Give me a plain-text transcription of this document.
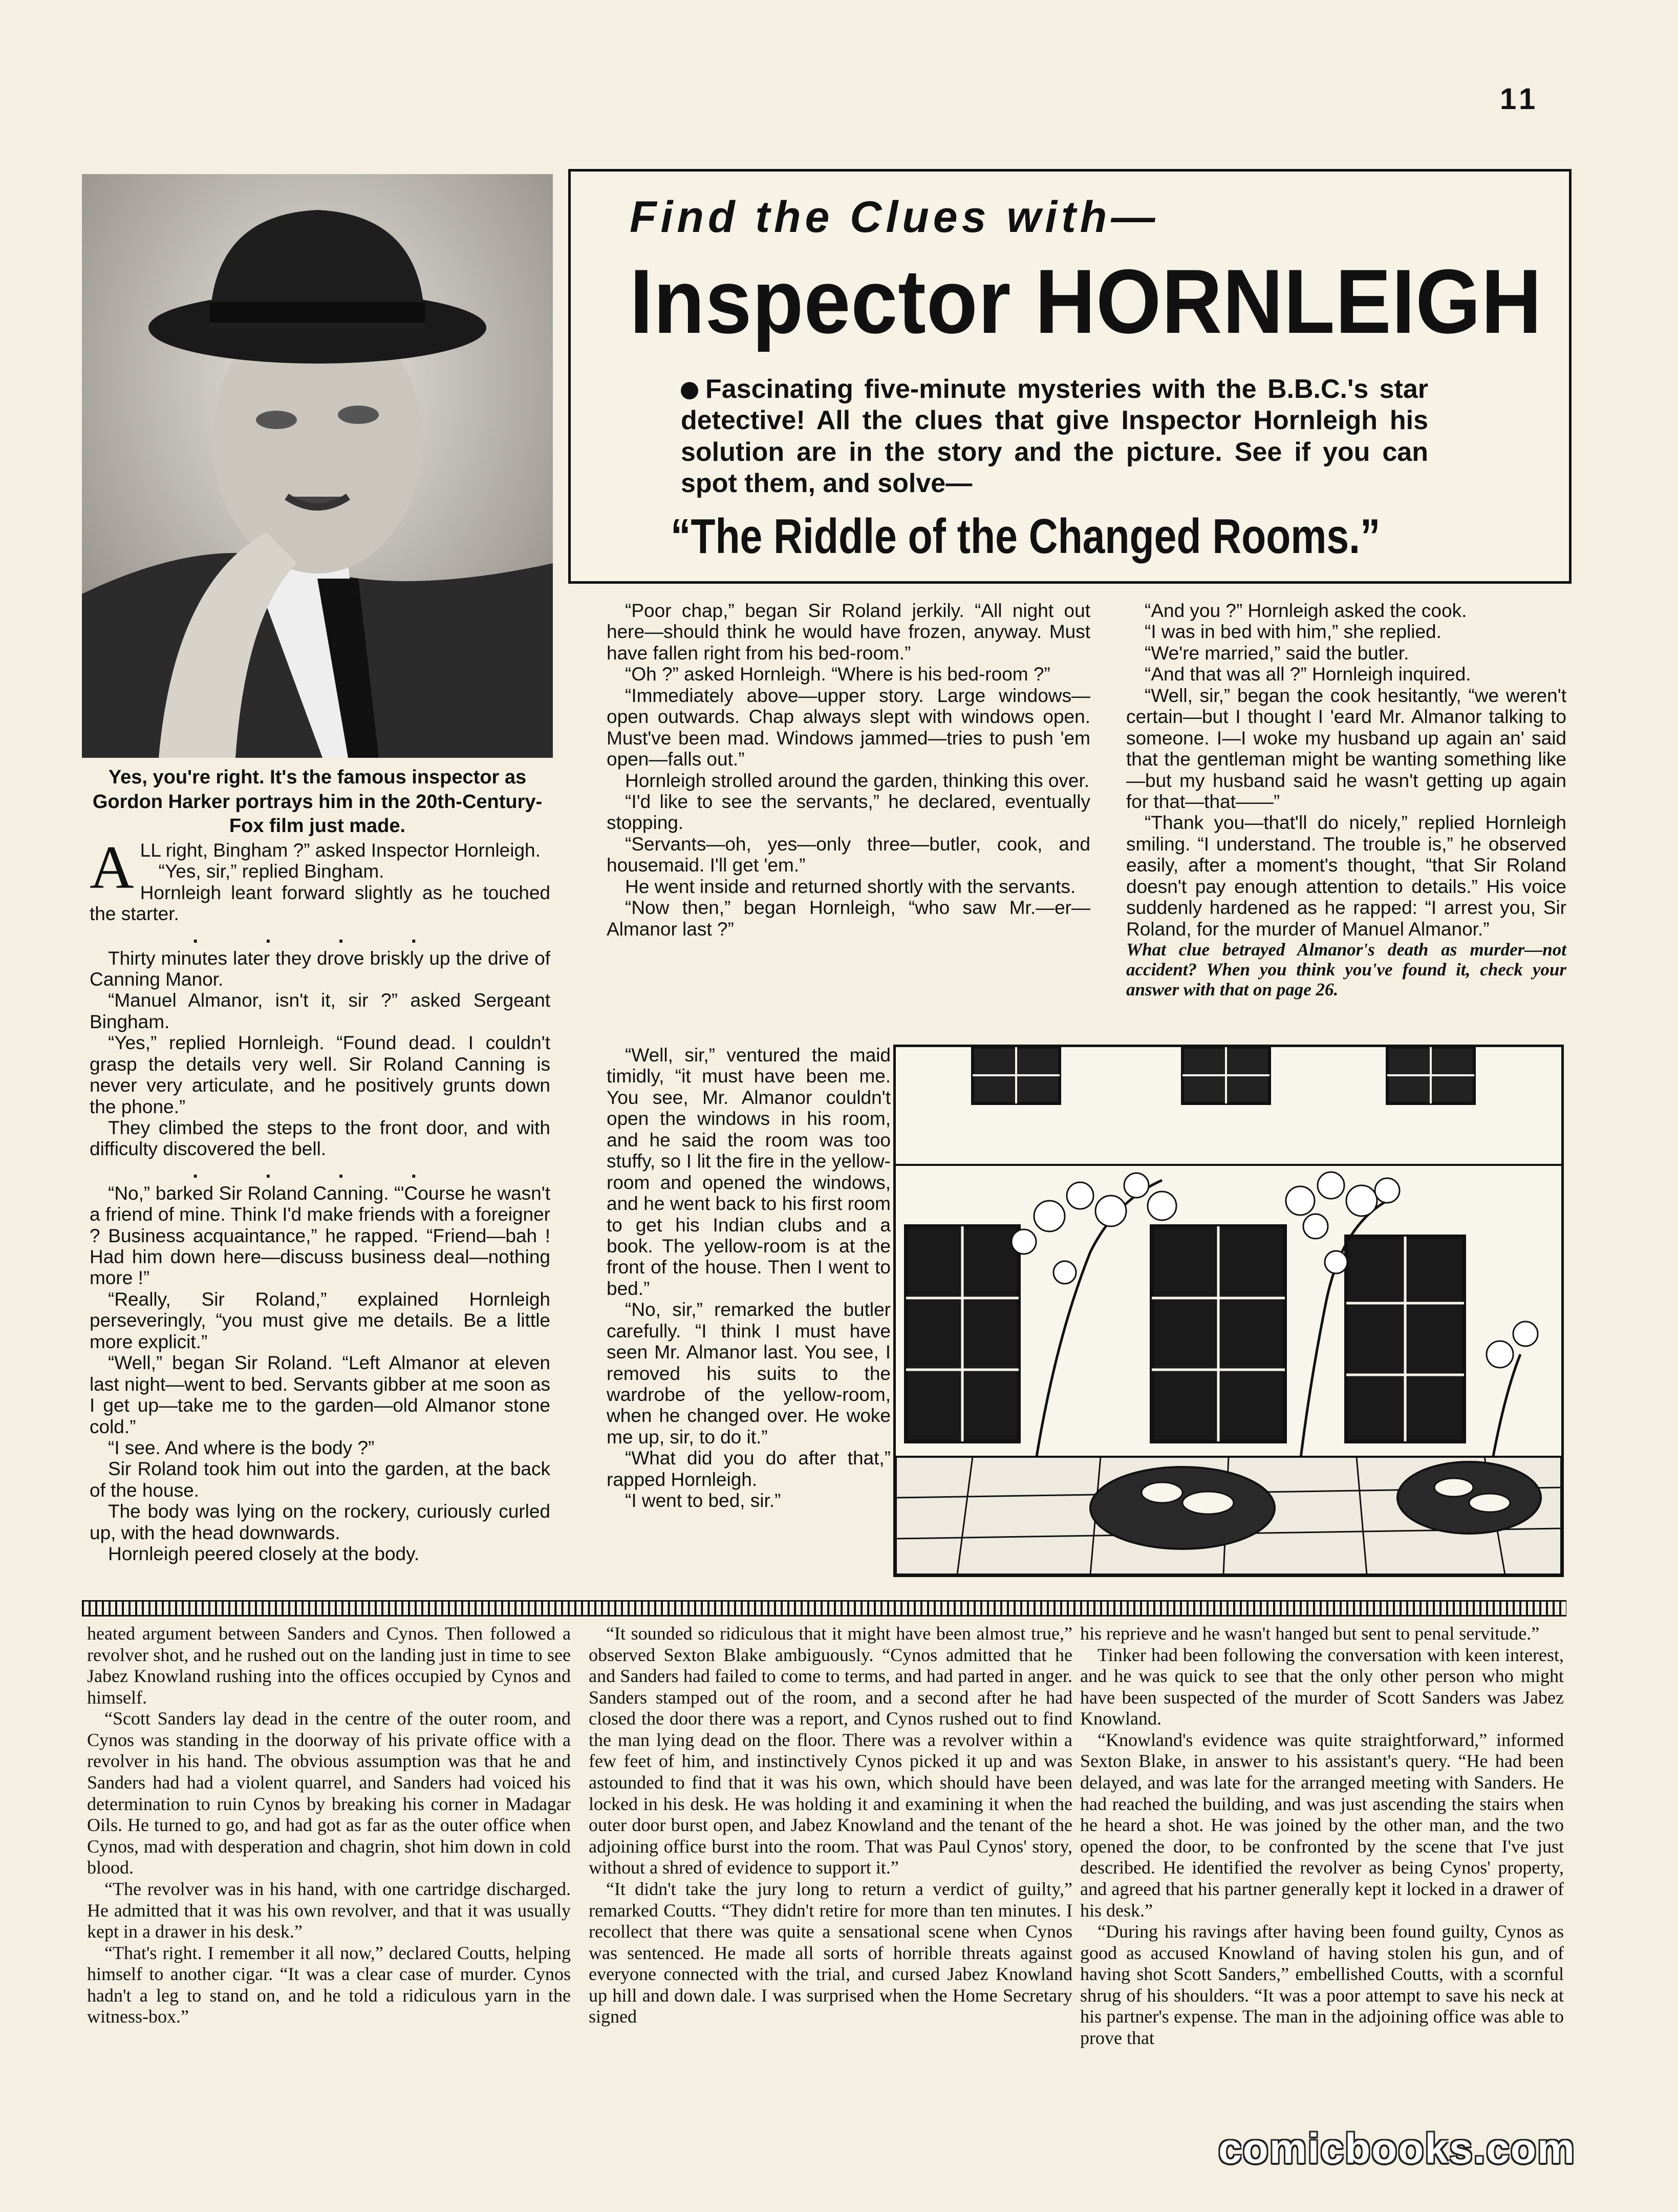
11
Yes, you're right. It's the famous inspector as Gordon Harker portrays him in the 20th-Century-Fox film just made.
Find the Clues with—
Inspector HORNLEIGH
Fascinating five-minute mysteries with the B.B.C.'s star detective! All the clues that give Inspector Hornleigh his solution are in the story and the picture. See if you can spot them, and solve—
“The Riddle of the Changed Rooms.”

ALL right, Bingham ?” asked Inspector Hornleigh.

“Yes, sir,” replied Bingham.

Hornleigh leant forward slightly as he touched the starter.

. . . .

Thirty minutes later they drove briskly up the drive of Canning Manor.

“Manuel Almanor, isn't it, sir ?” asked Sergeant Bingham.

“Yes,” replied Hornleigh. “Found dead. I couldn't grasp the details very well. Sir Roland Canning is never very articulate, and he positively grunts down the phone.”

They climbed the steps to the front door, and with difficulty discovered the bell.

. . . .

“No,” barked Sir Roland Canning. “'Course he wasn't a friend of mine. Think I'd make friends with a foreigner ? Business acquaintance,” he rapped. “Friend—bah ! Had him down here—discuss business deal—nothing more !”

“Really, Sir Roland,” explained Hornleigh perseveringly, “you must give me details. Be a little more explicit.”

“Well,” began Sir Roland. “Left Almanor at eleven last night—went to bed. Servants gibber at me soon as I get up—take me to the garden—old Almanor stone cold.”

“I see. And where is the body ?”

Sir Roland took him out into the garden, at the back of the house.

The body was lying on the rockery, curiously curled up, with the head downwards.

Hornleigh peered closely at the body.

“Poor chap,” began Sir Roland jerkily. “All night out here—should think he would have frozen, anyway. Must have fallen right from his bed-room.”

“Oh ?” asked Hornleigh. “Where is his bed-room ?”

“Immediately above—upper story. Large windows—open outwards. Chap always slept with windows open. Must've been mad. Windows jammed—tries to push 'em open—falls out.”

Hornleigh strolled around the garden, thinking this over.

“I'd like to see the servants,” he declared, eventually stopping.

“Servants—oh, yes—only three—butler, cook, and housemaid. I'll get 'em.”

He went inside and returned shortly with the servants.

“Now then,” began Hornleigh, “who saw Mr.—er—Almanor last ?”

“Well, sir,” ventured the maid timidly, “it must have been me. You see, Mr. Almanor couldn't open the windows in his room, and he said the room was too stuffy, so I lit the fire in the yellow-room and opened the windows, and he went back to his first room to get his Indian clubs and a book. The yellow-room is at the front of the house. Then I went to bed.”

“No, sir,” remarked the butler carefully. “I think I must have seen Mr. Almanor last. You see, I removed his suits to the wardrobe of the yellow-room, when he changed over. He woke me up, sir, to do it.”

“What did you do after that,” rapped Hornleigh.

“I went to bed, sir.”

“And you ?” Hornleigh asked the cook.

“I was in bed with him,” she replied.

“We're married,” said the butler.

“And that was all ?” Hornleigh inquired.

“Well, sir,” began the cook hesitantly, “we weren't certain—but I thought I 'eard Mr. Almanor talking to someone. I—I woke my husband up again an' said that the gentleman might be wanting something like—but my husband said he wasn't getting up again for that—that——”

“Thank you—that'll do nicely,” replied Hornleigh smiling. “I understand. The trouble is,” he observed easily, after a moment's thought, “that Sir Roland doesn't pay enough attention to details.” His voice suddenly hardened as he rapped: “I arrest you, Sir Roland, for the murder of Manuel Almanor.”

What clue betrayed Almanor's death as murder—not accident? When you think you've found it, check your answer with that on page 26.

heated argument between Sanders and Cynos. Then followed a revolver shot, and he rushed out on the landing just in time to see Jabez Knowland rushing into the offices occupied by Cynos and himself.

“Scott Sanders lay dead in the centre of the outer room, and Cynos was standing in the doorway of his private office with a revolver in his hand. The obvious assumption was that he and Sanders had had a violent quarrel, and Sanders had voiced his determination to ruin Cynos by breaking his corner in Madagar Oils. He turned to go, and had got as far as the outer office when Cynos, mad with desperation and chagrin, shot him down in cold blood.

“The revolver was in his hand, with one cartridge discharged. He admitted that it was his own revolver, and that it was usually kept in a drawer in his desk.”

“That's right. I remember it all now,” declared Coutts, helping himself to another cigar. “It was a clear case of murder. Cynos hadn't a leg to stand on, and he told a ridiculous yarn in the witness-box.”

“It sounded so ridiculous that it might have been almost true,” observed Sexton Blake ambiguously. “Cynos admitted that he and Sanders had failed to come to terms, and had parted in anger. Sanders stamped out of the room, and a second after he had closed the door there was a report, and Cynos rushed out to find the man lying dead on the floor. There was a revolver within a few feet of him, and instinctively Cynos picked it up and was astounded to find that it was his own, which should have been locked in his desk. He was holding it and examining it when the outer door burst open, and Jabez Knowland and the tenant of the adjoining office burst into the room. That was Paul Cynos' story, without a shred of evidence to support it.”

“It didn't take the jury long to return a verdict of guilty,” remarked Coutts. “They didn't retire for more than ten minutes. I recollect that there was quite a sensational scene when Cynos was sentenced. He made all sorts of horrible threats against everyone connected with the trial, and cursed Jabez Knowland up hill and down dale. I was surprised when the Home Secretary signed

his reprieve and he wasn't hanged but sent to penal servitude.”

Tinker had been following the conversation with keen interest, and he was quick to see that the only other person who might have been suspected of the murder of Scott Sanders was Jabez Knowland.

“Knowland's evidence was quite straightforward,” informed Sexton Blake, in answer to his assistant's query. “He had been delayed, and was late for the arranged meeting with Sanders. He had reached the building, and was just ascending the stairs when he heard a shot. He was joined by the other man, and the two opened the door, to be confronted by the scene that I've just described. He identified the revolver as being Cynos' property, and agreed that his partner generally kept it locked in a drawer of his desk.”

“During his ravings after having been found guilty, Cynos as good as accused Knowland of having stolen his gun, and of having shot Scott Sanders,” embellished Coutts, with a scornful shrug of his shoulders. “It was a poor attempt to save his neck at his partner's expense. The man in the adjoining office was able to prove that

comicbooks.com
